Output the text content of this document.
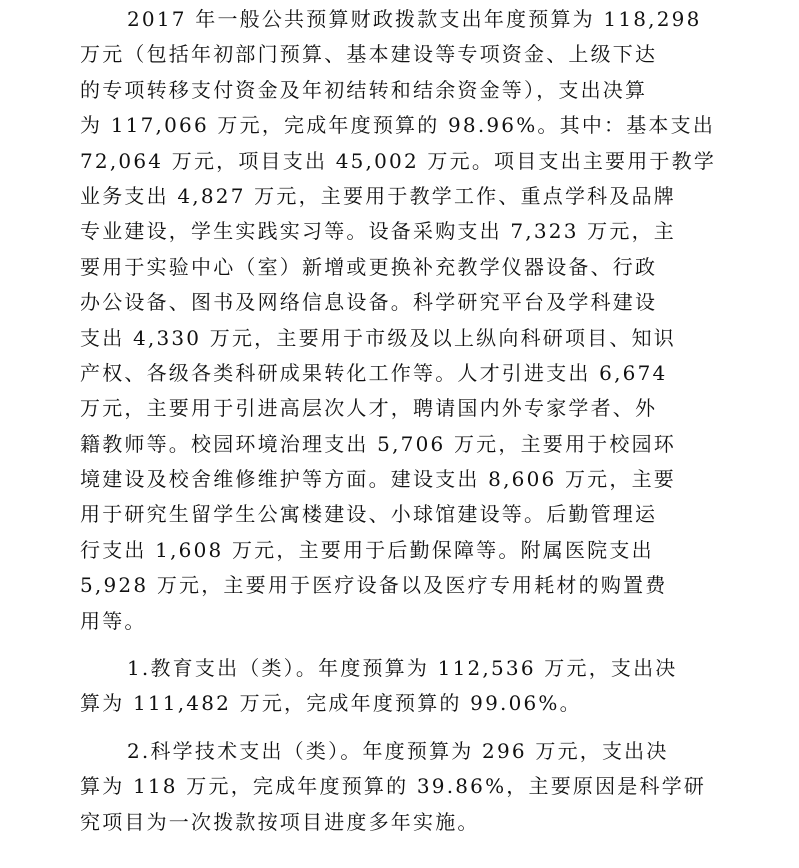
2017 年一般公共预算财政拨款支出年度预算为 118,298
万元（包括年初部门预算、基本建设等专项资金、上级下达
的专项转移支付资金及年初结转和结余资金等），支出决算
为 117,066 万元，完成年度预算的 98.96%。其中：基本支出
72,064 万元，项目支出 45,002 万元。项目支出主要用于教学
业务支出 4,827 万元，主要用于教学工作、重点学科及品牌
专业建设，学生实践实习等。设备采购支出 7,323 万元，主
要用于实验中心（室）新增或更换补充教学仪器设备、行政
办公设备、图书及网络信息设备。科学研究平台及学科建设
支出 4,330 万元，主要用于市级及以上纵向科研项目、知识
产权、各级各类科研成果转化工作等。人才引进支出 6,674
万元，主要用于引进高层次人才，聘请国内外专家学者、外
籍教师等。校园环境治理支出 5,706 万元，主要用于校园环
境建设及校舍维修维护等方面。建设支出 8,606 万元，主要
用于研究生留学生公寓楼建设、小球馆建设等。后勤管理运
行支出 1,608 万元，主要用于后勤保障等。附属医院支出
5,928 万元，主要用于医疗设备以及医疗专用耗材的购置费
用等。
1.教育支出（类）。年度预算为 112,536 万元，支出决
算为 111,482 万元，完成年度预算的 99.06%。
2.科学技术支出（类）。年度预算为 296 万元，支出决
算为 118 万元，完成年度预算的 39.86%，主要原因是科学研
究项目为一次拨款按项目进度多年实施。
